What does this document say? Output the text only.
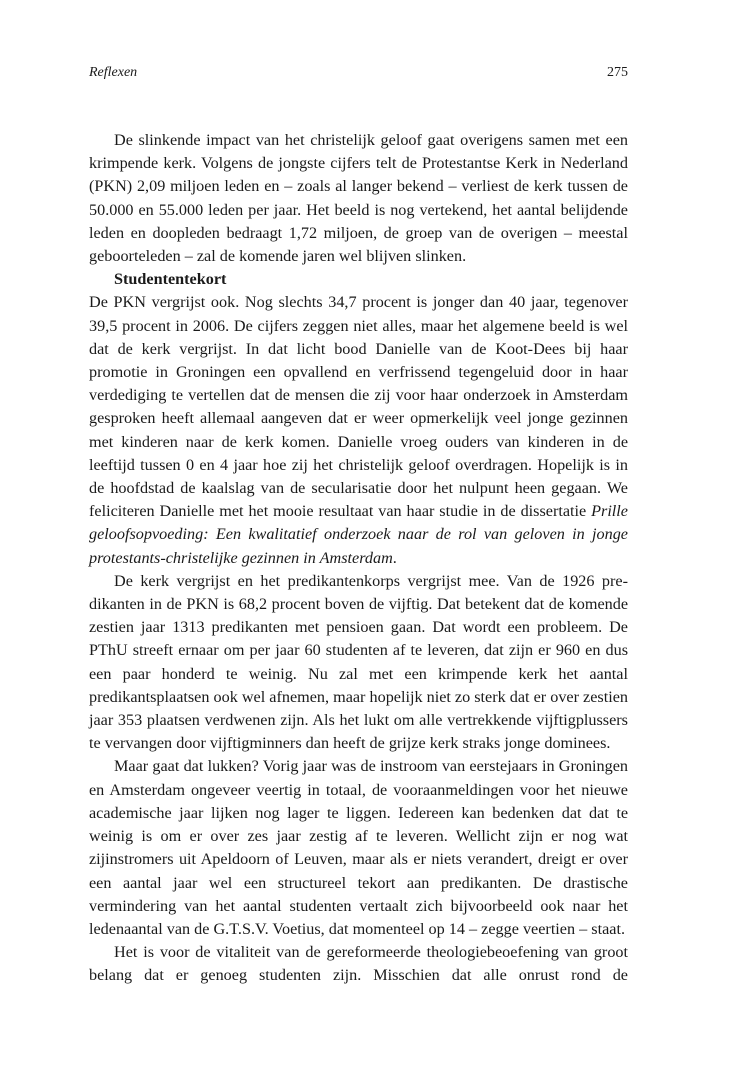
Reflexen	275

De slinkende impact van het christelijk geloof gaat overigens samen met een krimpende kerk. Volgens de jongste cijfers telt de Protestantse Kerk in Nederland (PKN) 2,09 miljoen leden en – zoals al langer bekend – verliest de kerk tussen de 50.000 en 55.000 leden per jaar. Het beeld is nog vertekend, het aantal belijdende leden en doopleden bedraagt 1,72 miljoen, de groep van de overigen – meestal geboorteleden – zal de komende jaren wel blijven slinken.

Studententekort

De PKN vergrijst ook. Nog slechts 34,7 procent is jonger dan 40 jaar, tegenover 39,5 procent in 2006. De cijfers zeggen niet alles, maar het algemene beeld is wel dat de kerk vergrijst. In dat licht bood Danielle van de Koot-Dees bij haar promotie in Groningen een opvallend en verfrissend tegengeluid door in haar verdediging te vertellen dat de mensen die zij voor haar onderzoek in Amsterdam gesproken heeft allemaal aangeven dat er weer opmerkelijk veel jonge gezinnen met kinderen naar de kerk komen. Danielle vroeg ouders van kinderen in de leeftijd tussen 0 en 4 jaar hoe zij het christelijk geloof overdragen. Hopelijk is in de hoofdstad de kaalslag van de secularisatie door het nulpunt heen gegaan. We feliciteren Danielle met het mooie resultaat van haar studie in de dissertatie Prille geloofsopvoeding: Een kwalitatief onderzoek naar de rol van geloven in jonge protestants-christelijke gezinnen in Amsterdam.

De kerk vergrijst en het predikantenkorps vergrijst mee. Van de 1926 predikanten in de PKN is 68,2 procent boven de vijftig. Dat betekent dat de komende zestien jaar 1313 predikanten met pensioen gaan. Dat wordt een probleem. De PThU streeft ernaar om per jaar 60 studenten af te leveren, dat zijn er 960 en dus een paar honderd te weinig. Nu zal met een krimpende kerk het aantal predikantsplaatsen ook wel afnemen, maar hopelijk niet zo sterk dat er over zestien jaar 353 plaatsen verdwenen zijn. Als het lukt om alle vertrekkende vijftigplussers te vervangen door vijftigminners dan heeft de grijze kerk straks jonge dominees.

Maar gaat dat lukken? Vorig jaar was de instroom van eerstejaars in Groningen en Amsterdam ongeveer veertig in totaal, de vooraanmeldingen voor het nieuwe academische jaar lijken nog lager te liggen. Iedereen kan bedenken dat dat te weinig is om er over zes jaar zestig af te leveren. Wellicht zijn er nog wat zijinstromers uit Apeldoorn of Leuven, maar als er niets verandert, dreigt er over een aantal jaar wel een structureel tekort aan predikanten. De drastische vermindering van het aantal studenten vertaalt zich bijvoorbeeld ook naar het ledenaantal van de G.T.S.V. Voetius, dat momenteel op 14 – zegge veertien – staat.

Het is voor de vitaliteit van de gereformeerde theologiebeoefening van groot belang dat er genoeg studenten zijn. Misschien dat alle onrust rond de
